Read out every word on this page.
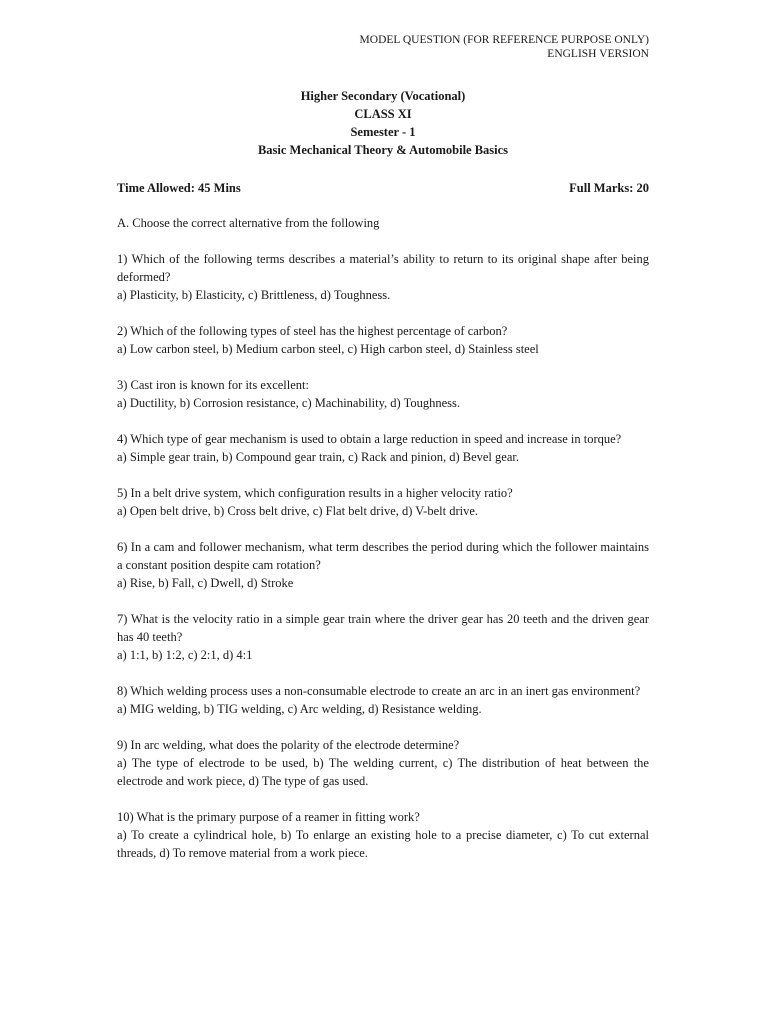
MODEL QUESTION (FOR REFERENCE PURPOSE ONLY)
ENGLISH VERSION
Higher Secondary (Vocational)
CLASS XI
Semester - 1
Basic Mechanical Theory & Automobile Basics
Time Allowed: 45 Mins	Full Marks: 20
A. Choose the correct alternative from the following
1) Which of the following terms describes a material’s ability to return to its original shape after being deformed?
a) Plasticity, b) Elasticity, c) Brittleness, d) Toughness.
2) Which of the following types of steel has the highest percentage of carbon?
a) Low carbon steel, b) Medium carbon steel, c) High carbon steel, d) Stainless steel
3) Cast iron is known for its excellent:
a) Ductility, b) Corrosion resistance, c) Machinability, d) Toughness.
4) Which type of gear mechanism is used to obtain a large reduction in speed and increase in torque?
a) Simple gear train, b) Compound gear train, c) Rack and pinion, d) Bevel gear.
5) In a belt drive system, which configuration results in a higher velocity ratio?
a) Open belt drive, b) Cross belt drive, c) Flat belt drive, d) V-belt drive.
6) In a cam and follower mechanism, what term describes the period during which the follower maintains a constant position despite cam rotation?
a) Rise, b) Fall, c) Dwell, d) Stroke
7) What is the velocity ratio in a simple gear train where the driver gear has 20 teeth and the driven gear has 40 teeth?
a) 1:1, b) 1:2, c) 2:1, d) 4:1
8) Which welding process uses a non-consumable electrode to create an arc in an inert gas environment?
a) MIG welding, b) TIG welding, c) Arc welding, d) Resistance welding.
9) In arc welding, what does the polarity of the electrode determine?
a) The type of electrode to be used, b) The welding current, c) The distribution of heat between the electrode and work piece, d) The type of gas used.
10) What is the primary purpose of a reamer in fitting work?
a) To create a cylindrical hole, b) To enlarge an existing hole to a precise diameter, c) To cut external threads, d) To remove material from a work piece.
